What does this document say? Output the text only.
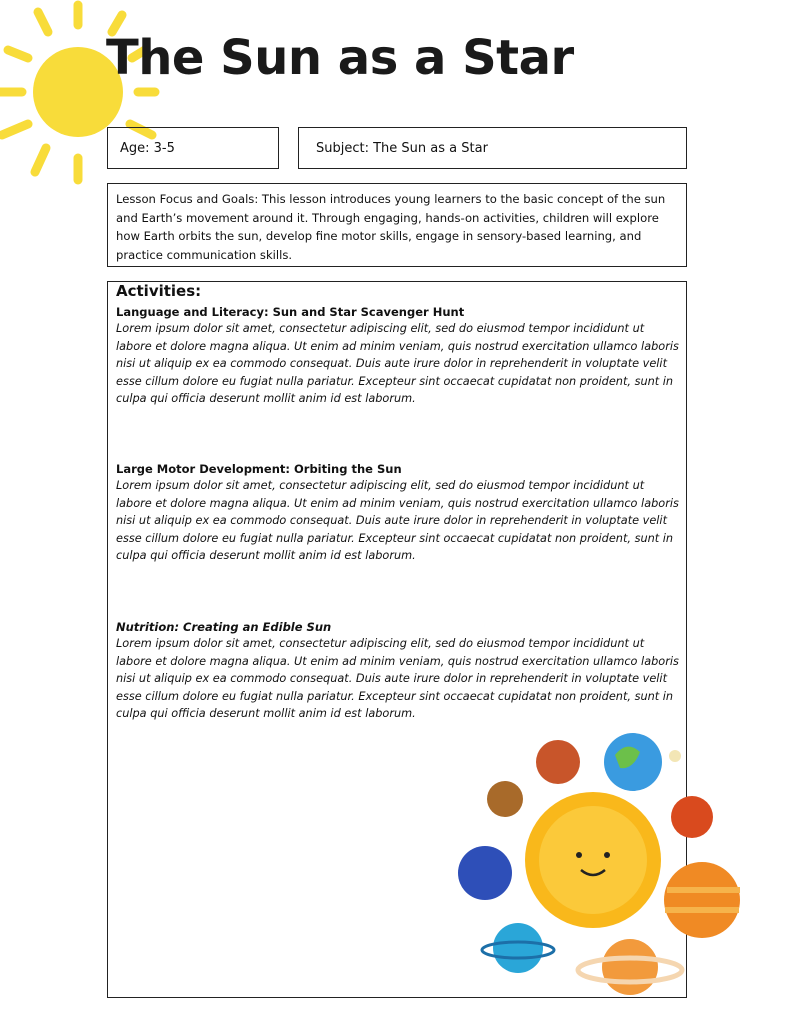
The Sun as a Star
Age: 3-5	Subject: The Sun as a Star
Lesson Focus and Goals: This lesson introduces young learners to the basic concept of the sun and Earth’s movement around it. Through engaging, hands-on activities, children will explore how Earth orbits the sun, develop fine motor skills, engage in sensory-based learning, and practice communication skills.
Activities:
Language and Literacy: Sun and Star Scavenger Hunt

Lorem ipsum dolor sit amet, consectetur adipiscing elit, sed do eiusmod tempor incididunt ut labore et dolore magna aliqua. Ut enim ad minim veniam, quis nostrud exercitation ullamco laboris nisi ut aliquip ex ea commodo consequat. Duis aute irure dolor in reprehenderit in voluptate velit esse cillum dolore eu fugiat nulla pariatur. Excepteur sint occaecat cupidatat non proident, sunt in culpa qui officia deserunt mollit anim id est laborum.

Large Motor Development: Orbiting the Sun

Lorem ipsum dolor sit amet, consectetur adipiscing elit, sed do eiusmod tempor incididunt ut labore et dolore magna aliqua. Ut enim ad minim veniam, quis nostrud exercitation ullamco laboris nisi ut aliquip ex ea commodo consequat. Duis aute irure dolor in reprehenderit in voluptate velit esse cillum dolore eu fugiat nulla pariatur. Excepteur sint occaecat cupidatat non proident, sunt in culpa qui officia deserunt mollit anim id est laborum.

Nutrition: Creating an Edible Sun

Lorem ipsum dolor sit amet, consectetur adipiscing elit, sed do eiusmod tempor incididunt ut labore et dolore magna aliqua. Ut enim ad minim veniam, quis nostrud exercitation ullamco laboris nisi ut aliquip ex ea commodo consequat. Duis aute irure dolor in reprehenderit in voluptate velit esse cillum dolore eu fugiat nulla pariatur. Excepteur sint occaecat cupidatat non proident, sunt in culpa qui officia deserunt mollit anim id est laborum.
